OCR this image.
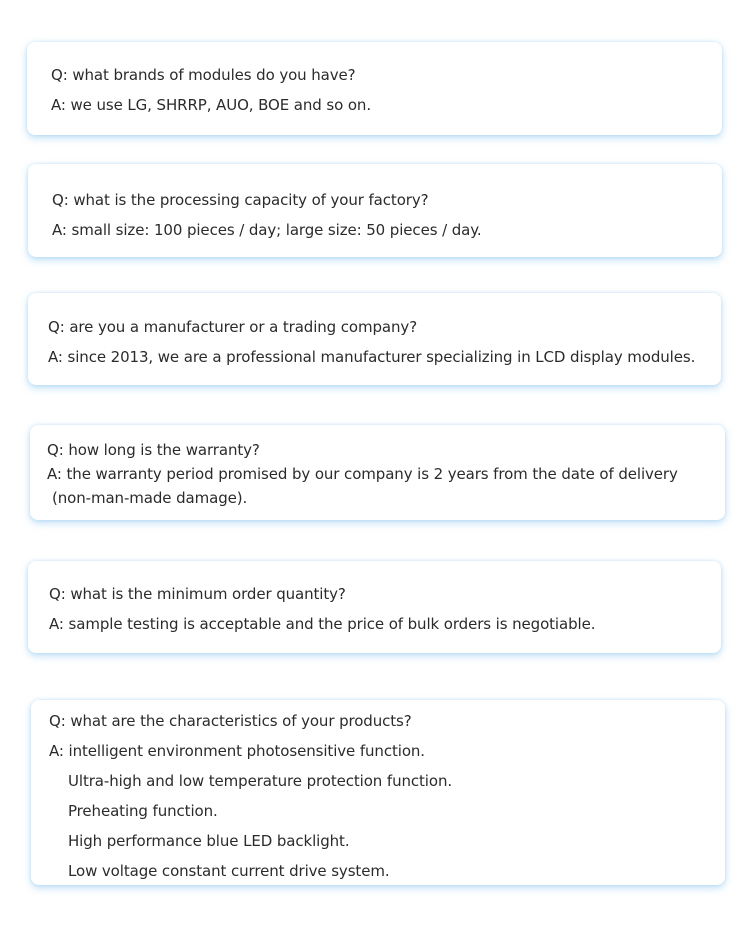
Q: what brands of modules do you have?
A: we use LG, SHRRP, AUO, BOE and so on.
Q: what is the processing capacity of your factory?
A: small size: 100 pieces / day; large size: 50 pieces / day.
Q: are you a manufacturer or a trading company?
A: since 2013, we are a professional manufacturer specializing in LCD display modules.
Q: how long is the warranty?
A: the warranty period promised by our company is 2 years from the date of delivery
(non-man-made damage).
Q: what is the minimum order quantity?
A: sample testing is acceptable and the price of bulk orders is negotiable.
Q: what are the characteristics of your products?
A: intelligent environment photosensitive function.
Ultra-high and low temperature protection function.
Preheating function.
High performance blue LED backlight.
Low voltage constant current drive system.
